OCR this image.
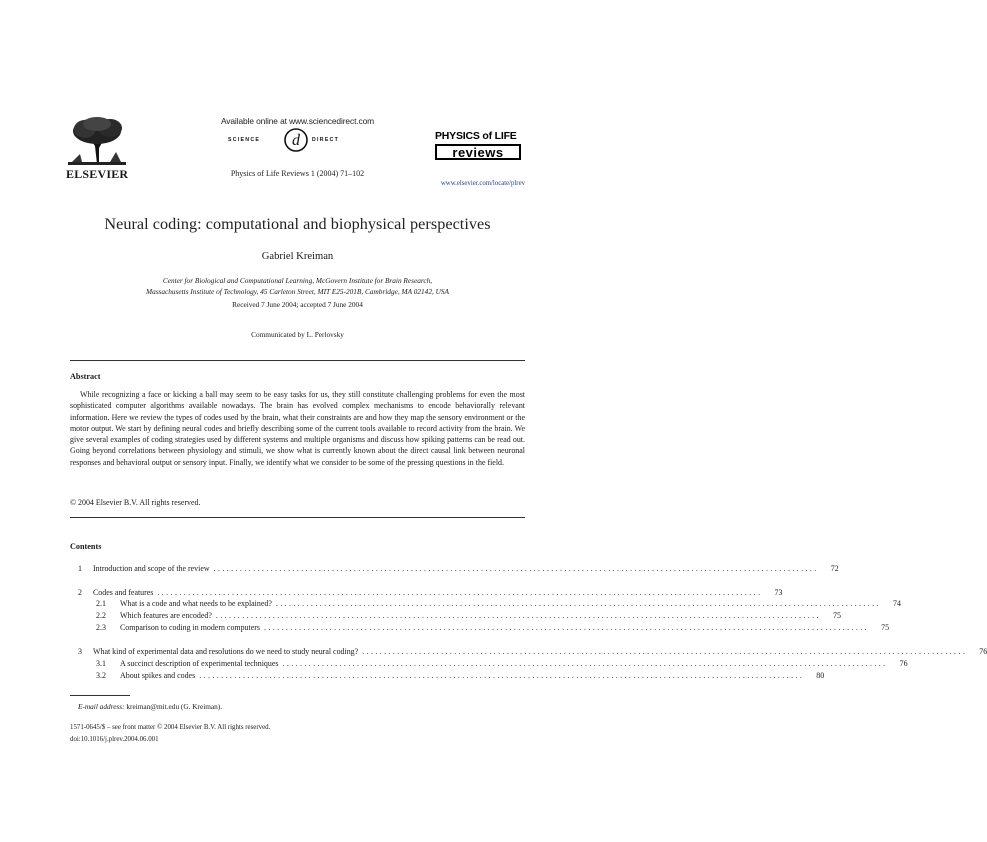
ELSEVIER
Available online at www.sciencedirect.com
SCIENCE d DIRECT
Physics of Life Reviews 1 (2004) 71–102
PHYSICS of LIFE
reviews
www.elsevier.com/locate/plrev
Neural coding: computational and biophysical perspectives
Gabriel Kreiman
Center for Biological and Computational Learning, McGovern Institute for Brain Research,
Massachusetts Institute of Technology, 45 Carleton Street, MIT E25-201B, Cambridge, MA 02142, USA
Received 7 June 2004; accepted 7 June 2004
Communicated by L. Perlovsky
Abstract
While recognizing a face or kicking a ball may seem to be easy tasks for us, they still constitute challenging problems for even the most sophisticated computer algorithms available nowadays. The brain has evolved complex mechanisms to encode behaviorally relevant information. Here we review the types of codes used by the brain, what their constraints are and how they map the sensory environment or the motor output. We start by defining neural codes and briefly describing some of the current tools available to record activity from the brain. We give several examples of coding strategies used by different systems and multiple organisms and discuss how spiking patterns can be read out. Going beyond correlations between physiology and stimuli, we show what is currently known about the direct causal link between neuronal responses and behavioral output or sensory input. Finally, we identify what we consider to be some of the pressing questions in the field.
© 2004 Elsevier B.V. All rights reserved.
Contents
1	Introduction and scope of the review ..........................................................................................................................................	72
2	Codes and features ..........................................................................................................................................	73
2.1	What is a code and what needs to be explained? ..........................................................................................................................................	74
2.2	Which features are encoded? ..........................................................................................................................................	75
2.3	Comparison to coding in modern computers ..........................................................................................................................................	75
3	What kind of experimental data and resolutions do we need to study neural coding? ..........................................................................................................................................	76
3.1	A succinct description of experimental techniques ..........................................................................................................................................	76
3.2	About spikes and codes ..........................................................................................................................................	80
E-mail address: kreiman@mit.edu (G. Kreiman).
1571-0645/$ – see front matter © 2004 Elsevier B.V. All rights reserved.
doi:10.1016/j.plrev.2004.06.001
